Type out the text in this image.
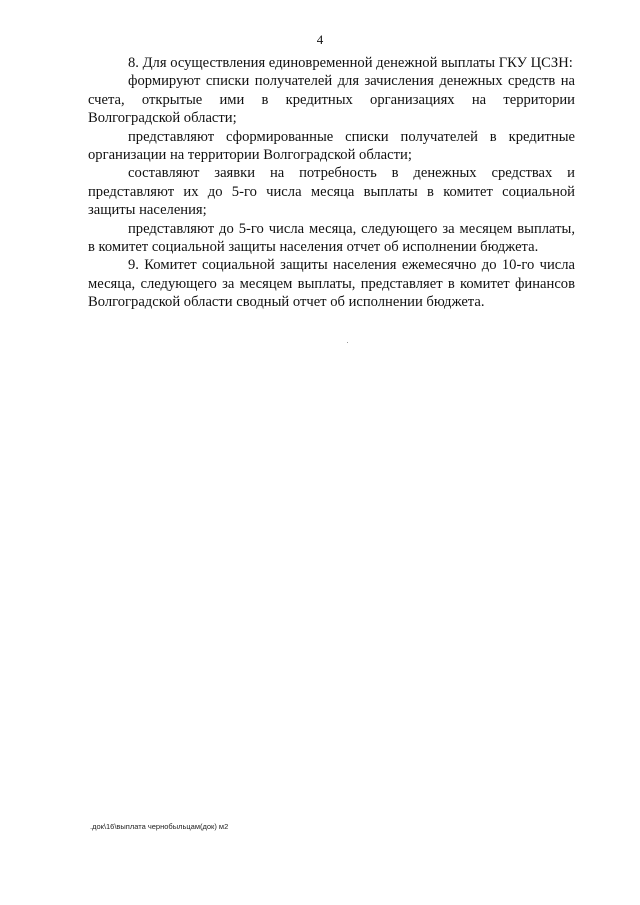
4

8. Для осуществления единовременной денежной выплаты ГКУ ЦСЗН:

формируют списки получателей для зачисления денежных средств на счета, открытые ими в кредитных организациях на территории Волгоградской области;

представляют сформированные списки получателей в кредитные организации на территории Волгоградской области;

составляют заявки на потребность в денежных средствах и представляют их до 5-го числа месяца выплаты в комитет социальной защиты населения;

представляют до 5-го числа месяца, следующего за месяцем выплаты, в комитет социальной защиты населения отчет об исполнении бюджета.

9. Комитет социальной защиты населения ежемесячно до 10-го числа месяца, следующего за месяцем выплаты, представляет в комитет финансов Волгоградской области сводный отчет об исполнении бюджета.

.док\16\выплата чернобыльцам(док) м2
